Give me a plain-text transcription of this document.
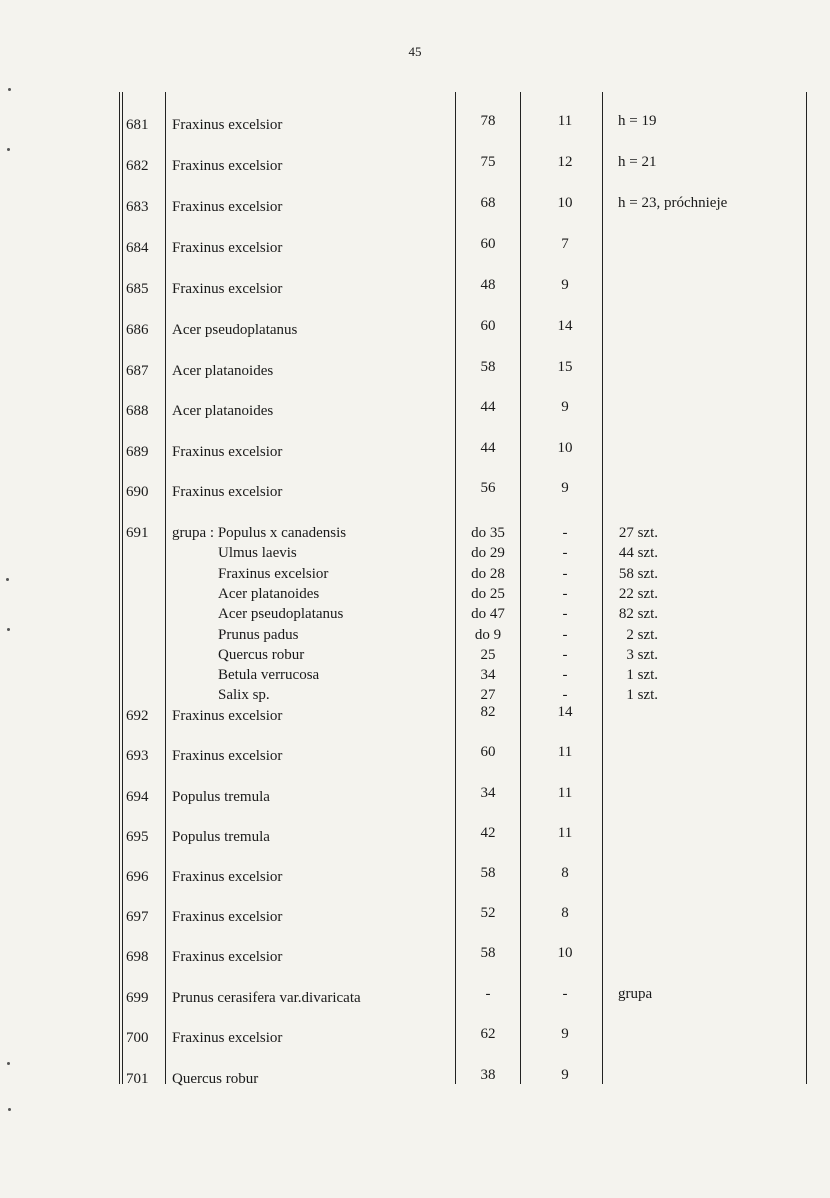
45
681	Fraxinus excelsior	78	11	h = 19
682	Fraxinus excelsior	75	12	h = 21
683	Fraxinus excelsior	68	10	h = 23, próchnieje
684	Fraxinus excelsior	60	7
685	Fraxinus excelsior	48	9
686	Acer pseudoplatanus	60	14
687	Acer platanoides	58	15
688	Acer platanoides	44	9
689	Fraxinus excelsior	44	10
690	Fraxinus excelsior	56	9
691	grupa : Populus x canadensis	do 35	-	27 szt.
Ulmus laevis	do 29	-	44 szt.
Fraxinus excelsior	do 28	-	58 szt.
Acer platanoides	do 25	-	22 szt.
Acer pseudoplatanus	do 47	-	82 szt.
Prunus padus	do 9	-	2 szt.
Quercus robur	25	-	3 szt.
Betula verrucosa	34	-	1 szt.
Salix sp.	27	-	1 szt.
692	Fraxinus excelsior	82	14
693	Fraxinus excelsior	60	11
694	Populus tremula	34	11
695	Populus tremula	42	11
696	Fraxinus excelsior	58	8
697	Fraxinus excelsior	52	8
698	Fraxinus excelsior	58	10
699	Prunus cerasifera var.divaricata	-	-	grupa
700	Fraxinus excelsior	62	9
701	Quercus robur	38	9
